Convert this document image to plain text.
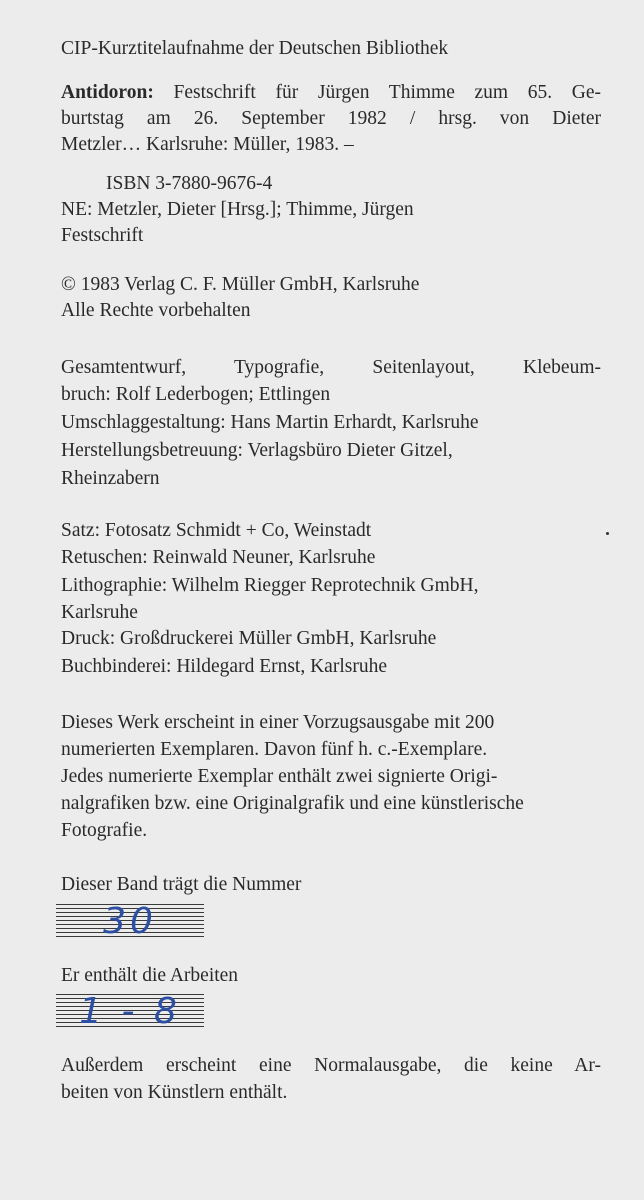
CIP-Kurztitelaufnahme der Deutschen Bibliothek
Antidoron: Festschrift für Jürgen Thimme zum 65. Ge-
burtstag am 26. September 1982 / hrsg. von Dieter
Metzler… Karlsruhe: Müller, 1983. –
ISBN 3-7880-9676-4
NE: Metzler, Dieter [Hrsg.]; Thimme, Jürgen
Festschrift
© 1983 Verlag C. F. Müller GmbH, Karlsruhe
Alle Rechte vorbehalten
Gesamtentwurf, Typografie, Seitenlayout, Klebeum-
bruch: Rolf Lederbogen; Ettlingen
Umschlaggestaltung: Hans Martin Erhardt, Karlsruhe
Herstellungsbetreuung: Verlagsbüro Dieter Gitzel,
Rheinzabern
Satz: Fotosatz Schmidt + Co, Weinstadt
Retuschen: Reinwald Neuner, Karlsruhe
Lithographie: Wilhelm Riegger Reprotechnik GmbH,
Karlsruhe
Druck: Großdruckerei Müller GmbH, Karlsruhe
Buchbinderei: Hildegard Ernst, Karlsruhe
Dieses Werk erscheint in einer Vorzugsausgabe mit 200
numerierten Exemplaren. Davon fünf h. c.-Exemplare.
Jedes numerierte Exemplar enthält zwei signierte Origi-
nalgrafiken bzw. eine Originalgrafik und eine künstlerische
Fotografie.
Dieser Band trägt die Nummer
30
Er enthält die Arbeiten
1 - 8
Außerdem erscheint eine Normalausgabe, die keine Ar-
beiten von Künstlern enthält.
